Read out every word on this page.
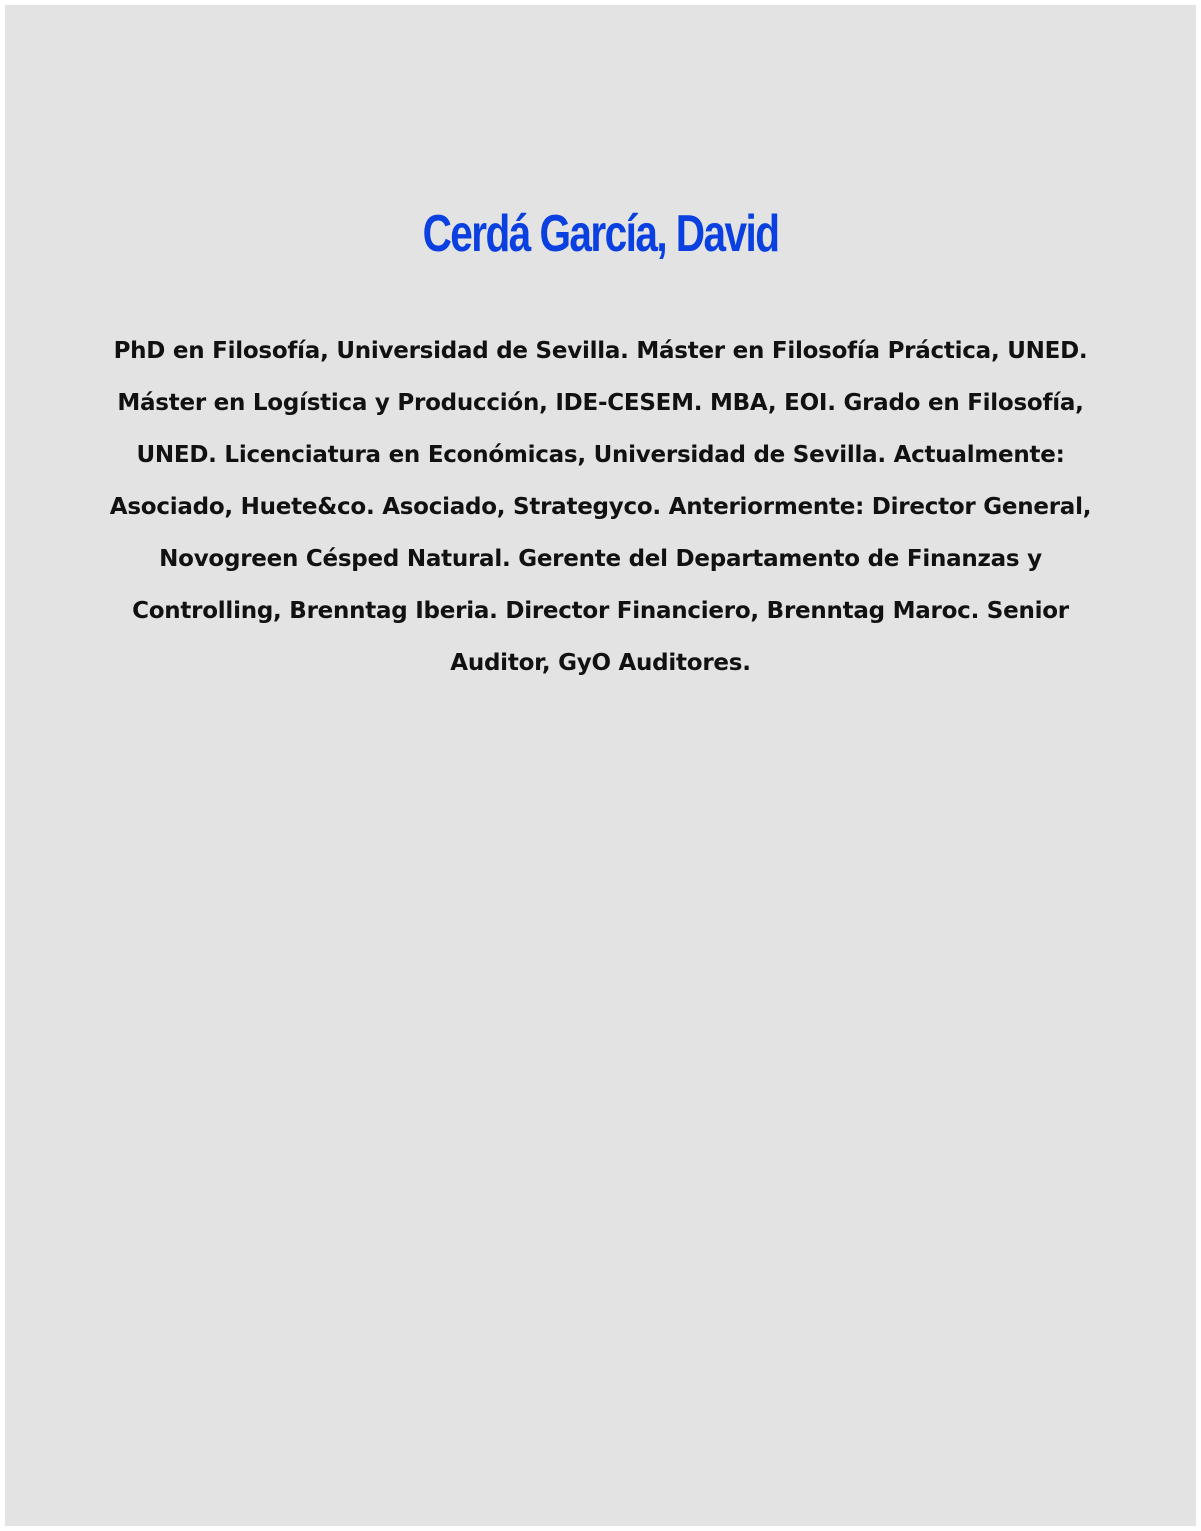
Cerdá García, David

PhD en Filosofía, Universidad de Sevilla. Máster en Filosofía Práctica, UNED. Máster en Logística y Producción, IDE-CESEM. MBA, EOI. Grado en Filosofía, UNED. Licenciatura en Económicas, Universidad de Sevilla. Actualmente: Asociado, Huete&co. Asociado, Strategyco. Anteriormente: Director General, Novogreen Césped Natural. Gerente del Departamento de Finanzas y Controlling, Brenntag Iberia. Director Financiero, Brenntag Maroc. Senior Auditor, GyO Auditores.
